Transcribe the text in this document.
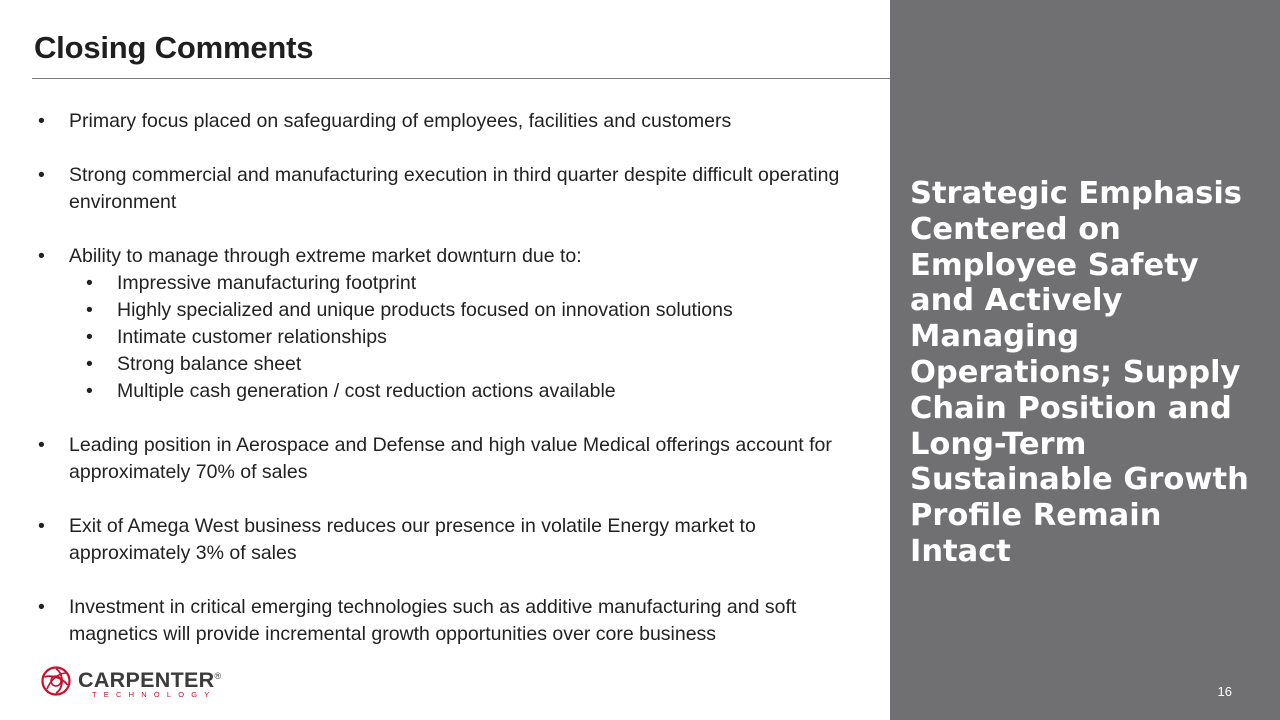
Closing Comments
•	Primary focus placed on safeguarding of employees, facilities and customers
•	Strong commercial and manufacturing execution in third quarter despite difficult operating environment
•	Ability to manage through extreme market downturn due to:
•	Impressive manufacturing footprint
•	Highly specialized and unique products focused on innovation solutions
•	Intimate customer relationships
•	Strong balance sheet
•	Multiple cash generation / cost reduction actions available
•	Leading position in Aerospace and Defense and high value Medical offerings account for approximately 70% of sales
•	Exit of Amega West business reduces our presence in volatile Energy market to approximately 3% of sales
•	Investment in critical emerging technologies such as additive manufacturing and soft magnetics will provide incremental growth opportunities over core business
Strategic Emphasis Centered on Employee Safety and Actively Managing Operations; Supply Chain Position and Long-Term Sustainable Growth Profile Remain Intact
16
CARPENTER®
TECHNOLOGY
